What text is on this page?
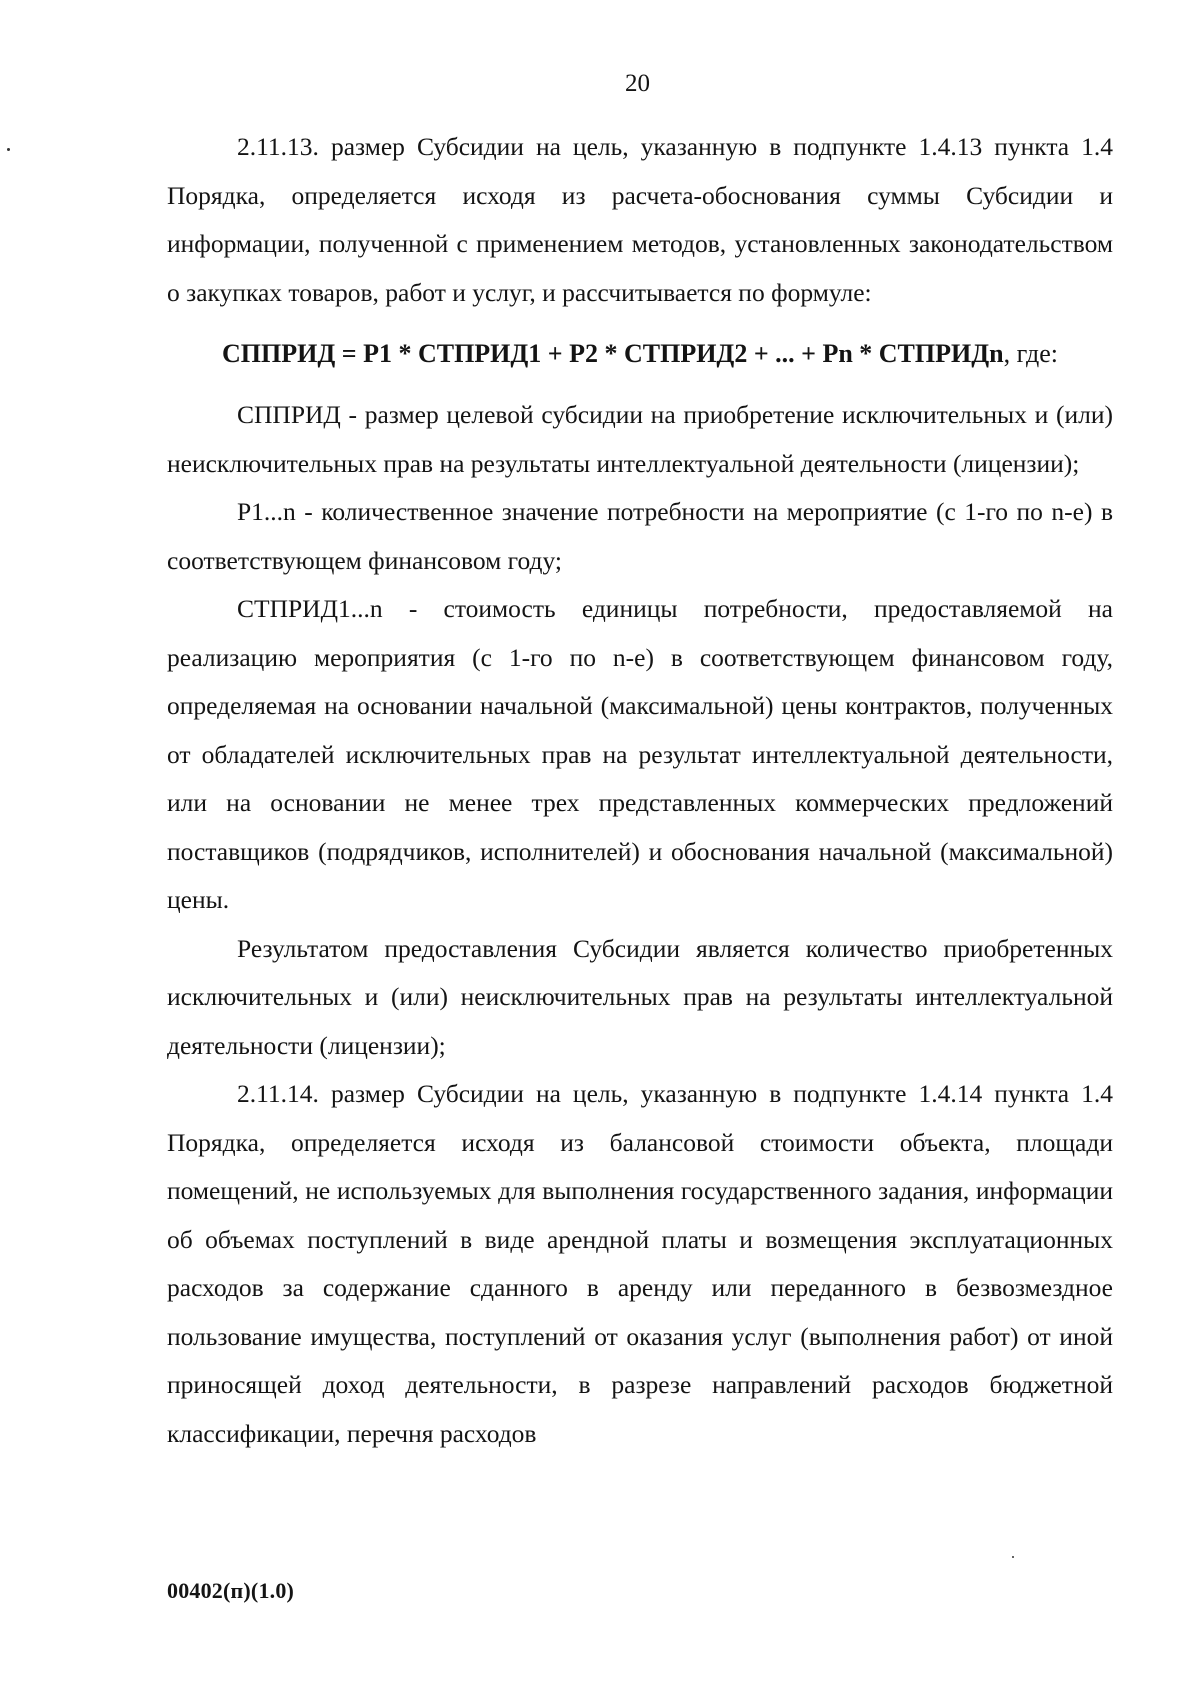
20

2.11.13. размер Субсидии на цель, указанную в подпункте 1.4.13 пункта 1.4 Порядка, определяется исходя из расчета-обоснования суммы Субсидии и информации, полученной с применением методов, установленных законодательством о закупках товаров, работ и услуг, и рассчитывается по формуле:

СППРИД = Р1 * СТПРИД1 + Р2 * СТПРИД2 + ... + Рn * СТПРИДn, где:

СППРИД - размер целевой субсидии на приобретение исключительных и (или) неисключительных прав на результаты интеллектуальной деятельности (лицензии);

Р1...n - количественное значение потребности на мероприятие (с 1-го по n-е) в соответствующем финансовом году;

СТПРИД1...n - стоимость единицы потребности, предоставляемой на реализацию мероприятия (с 1-го по n-е) в соответствующем финансовом году, определяемая на основании начальной (максимальной) цены контрактов, полученных от обладателей исключительных прав на результат интеллектуальной деятельности, или на основании не менее трех представленных коммерческих предложений поставщиков (подрядчиков, исполнителей) и обоснования начальной (максимальной) цены.

Результатом предоставления Субсидии является количество приобретенных исключительных и (или) неисключительных прав на результаты интеллектуальной деятельности (лицензии);

2.11.14. размер Субсидии на цель, указанную в подпункте 1.4.14 пункта 1.4 Порядка, определяется исходя из балансовой стоимости объекта, площади помещений, не используемых для выполнения государственного задания, информации об объемах поступлений в виде арендной платы и возмещения эксплуатационных расходов за содержание сданного в аренду или переданного в безвозмездное пользование имущества, поступлений от оказания услуг (выполнения работ) от иной приносящей доход деятельности, в разрезе направлений расходов бюджетной классификации, перечня расходов

00402(п)(1.0)
